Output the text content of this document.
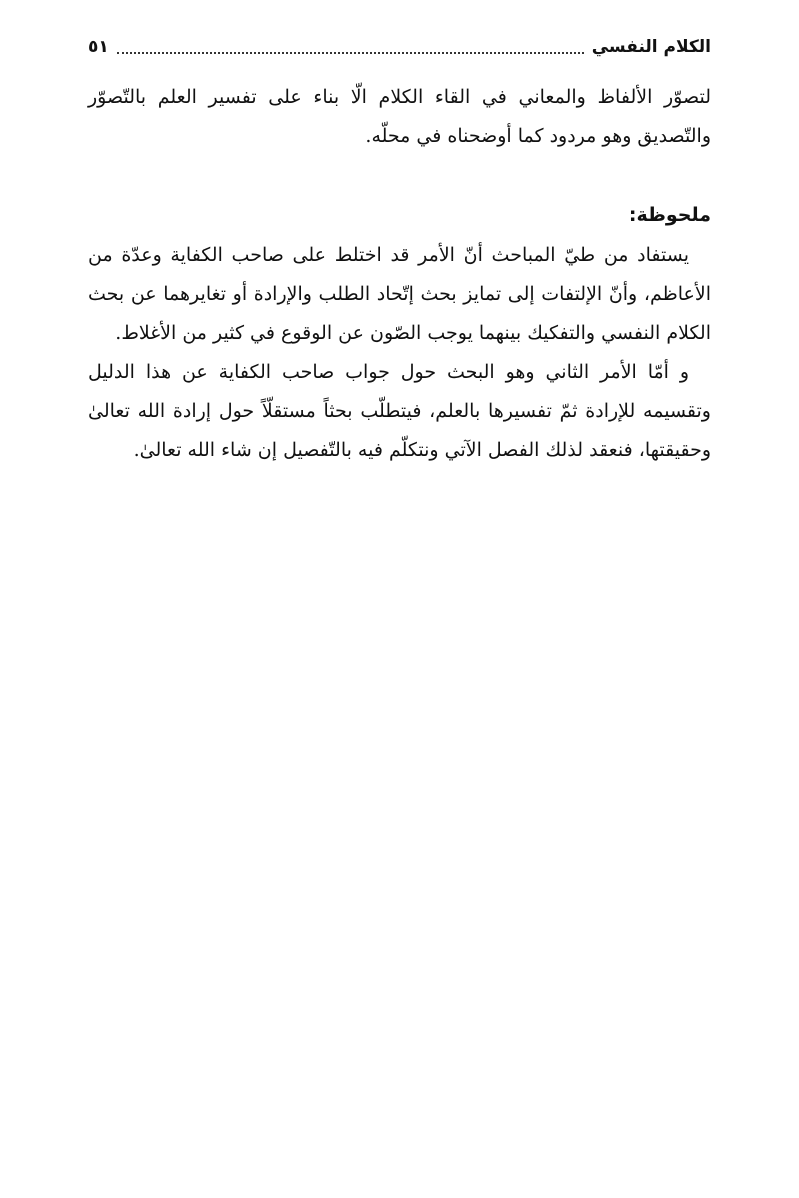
الكلام النفسي
٥١

لتصوّر الألفاظ والمعاني في القاء الكلام الّا بناء على تفسير العلم بالتّصوّر والتّصديق وهو مردود كما أوضحناه في محلّه.

ملحوظة:

يستفاد من طيّ المباحث أنّ الأمر قد اختلط على صاحب الكفاية وعدّة من الأعاظم، وأنّ الإلتفات إلى تمايز بحث إتّحاد الطلب والإرادة أو تغايرهما عن بحث الكلام النفسي والتفكيك بينهما يوجب الصّون عن الوقوع في كثير من الأغلاط.

و أمّا الأمر الثاني وهو البحث حول جواب صاحب الكفاية عن هذا الدليل وتقسيمه للإرادة ثمّ تفسيرها بالعلم، فيتطلّب بحثاً مستقلّاً حول إرادة الله تعالىٰ وحقيقتها، فنعقد لذلك الفصل الآتي ونتكلّم فيه بالتّفصيل إن شاء الله تعالىٰ.
